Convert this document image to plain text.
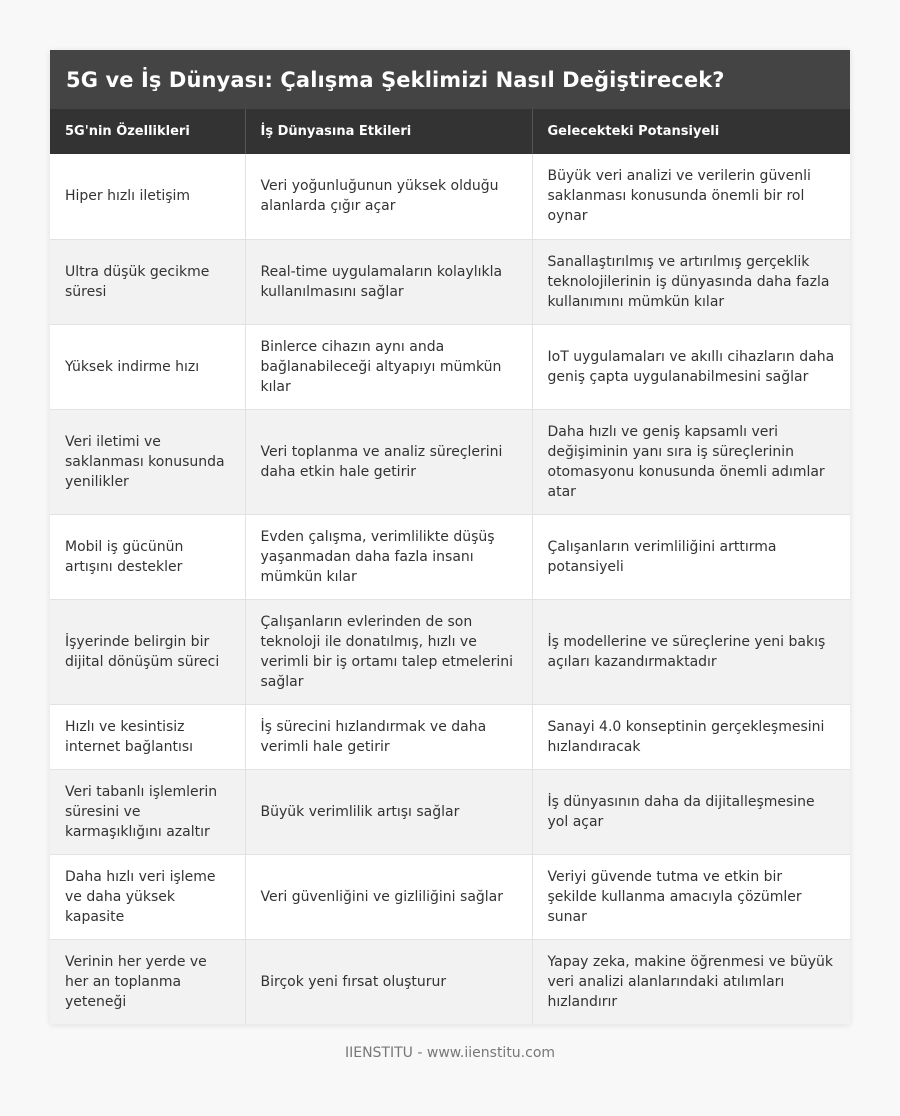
5G ve İş Dünyası: Çalışma Şeklimizi Nasıl Değiştirecek?
5G'nin Özellikleri	İş Dünyasına Etkileri	Gelecekteki Potansiyeli
Hiper hızlı iletişim	Veri yoğunluğunun yüksek olduğu alanlarda çığır açar	Büyük veri analizi ve verilerin güvenli saklanması konusunda önemli bir rol oynar
Ultra düşük gecikme süresi	Real-time uygulamaların kolaylıkla kullanılmasını sağlar	Sanallaştırılmış ve artırılmış gerçeklik teknolojilerinin iş dünyasında daha fazla kullanımını mümkün kılar
Yüksek indirme hızı	Binlerce cihazın aynı anda bağlanabileceği altyapıyı mümkün kılar	IoT uygulamaları ve akıllı cihazların daha geniş çapta uygulanabilmesini sağlar
Veri iletimi ve saklanması konusunda yenilikler	Veri toplanma ve analiz süreçlerini daha etkin hale getirir	Daha hızlı ve geniş kapsamlı veri değişiminin yanı sıra iş süreçlerinin otomasyonu konusunda önemli adımlar atar
Mobil iş gücünün artışını destekler	Evden çalışma, verimlilikte düşüş yaşanmadan daha fazla insanı mümkün kılar	Çalışanların verimliliğini arttırma potansiyeli
İşyerinde belirgin bir dijital dönüşüm süreci	Çalışanların evlerinden de son teknoloji ile donatılmış, hızlı ve verimli bir iş ortamı talep etmelerini sağlar	İş modellerine ve süreçlerine yeni bakış açıları kazandırmaktadır
Hızlı ve kesintisiz internet bağlantısı	İş sürecini hızlandırmak ve daha verimli hale getirir	Sanayi 4.0 konseptinin gerçekleşmesini hızlandıracak
Veri tabanlı işlemlerin süresini ve karmaşıklığını azaltır	Büyük verimlilik artışı sağlar	İş dünyasının daha da dijitalleşmesine yol açar
Daha hızlı veri işleme ve daha yüksek kapasite	Veri güvenliğini ve gizliliğini sağlar	Veriyi güvende tutma ve etkin bir şekilde kullanma amacıyla çözümler sunar
Verinin her yerde ve her an toplanma yeteneği	Birçok yeni fırsat oluşturur	Yapay zeka, makine öğrenmesi ve büyük veri analizi alanlarındaki atılımları hızlandırır
IIENSTITU - www.iienstitu.com
